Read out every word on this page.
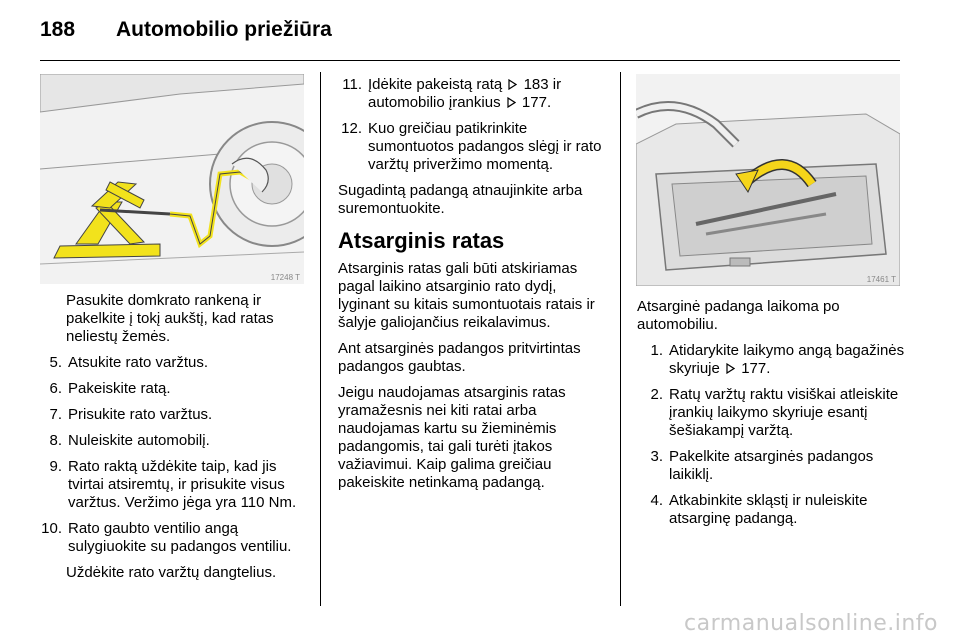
188 Automobilio priežiūra
17248 T

Pasukite domkrato rankeną ir pakelkite į tokį aukštį, kad ratas neliestų žemės.

5. Atsukite rato varžtus.
6. Pakeiskite ratą.
7. Prisukite rato varžtus.
8. Nuleiskite automobilį.
9. Rato raktą uždėkite taip, kad jis tvirtai atsiremtų, ir prisukite visus varžtus. Veržimo jėga yra 110 Nm.
10. Rato gaubto ventilio angą sulygiuokite su padangos ventiliu.

Uždėkite rato varžtų dangtelius.

11. Įdėkite pakeistą ratą 183 ir automobilio įrankius 177.
12. Kuo greičiau patikrinkite sumontuotos padangos slėgį ir rato varžtų priveržimo momentą.

Sugadintą padangą atnaujinkite arba suremontuokite.

Atsarginis ratas

Atsarginis ratas gali būti atskiriamas pagal laikino atsarginio rato dydį, lyginant su kitais sumontuotais ratais ir šalyje galiojančius reikalavimus.

Ant atsarginės padangos pritvirtintas padangos gaubtas.

Jeigu naudojamas atsarginis ratas yramažesnis nei kiti ratai arba naudojamas kartu su žieminėmis padangomis, tai gali turėti įtakos važiavimui. Kaip galima greičiau pakeiskite netinkamą padangą.

17461 T

Atsarginė padanga laikoma po automobiliu.

1. Atidarykite laikymo angą bagažinės skyriuje 177.
2. Ratų varžtų raktu visiškai atleiskite įrankių laikymo skyriuje esantį šešiakampį varžtą.
3. Pakelkite atsarginės padangos laikiklį.
4. Atkabinkite skląstį ir nuleiskite atsarginę padangą.
carmanualsonline.info
